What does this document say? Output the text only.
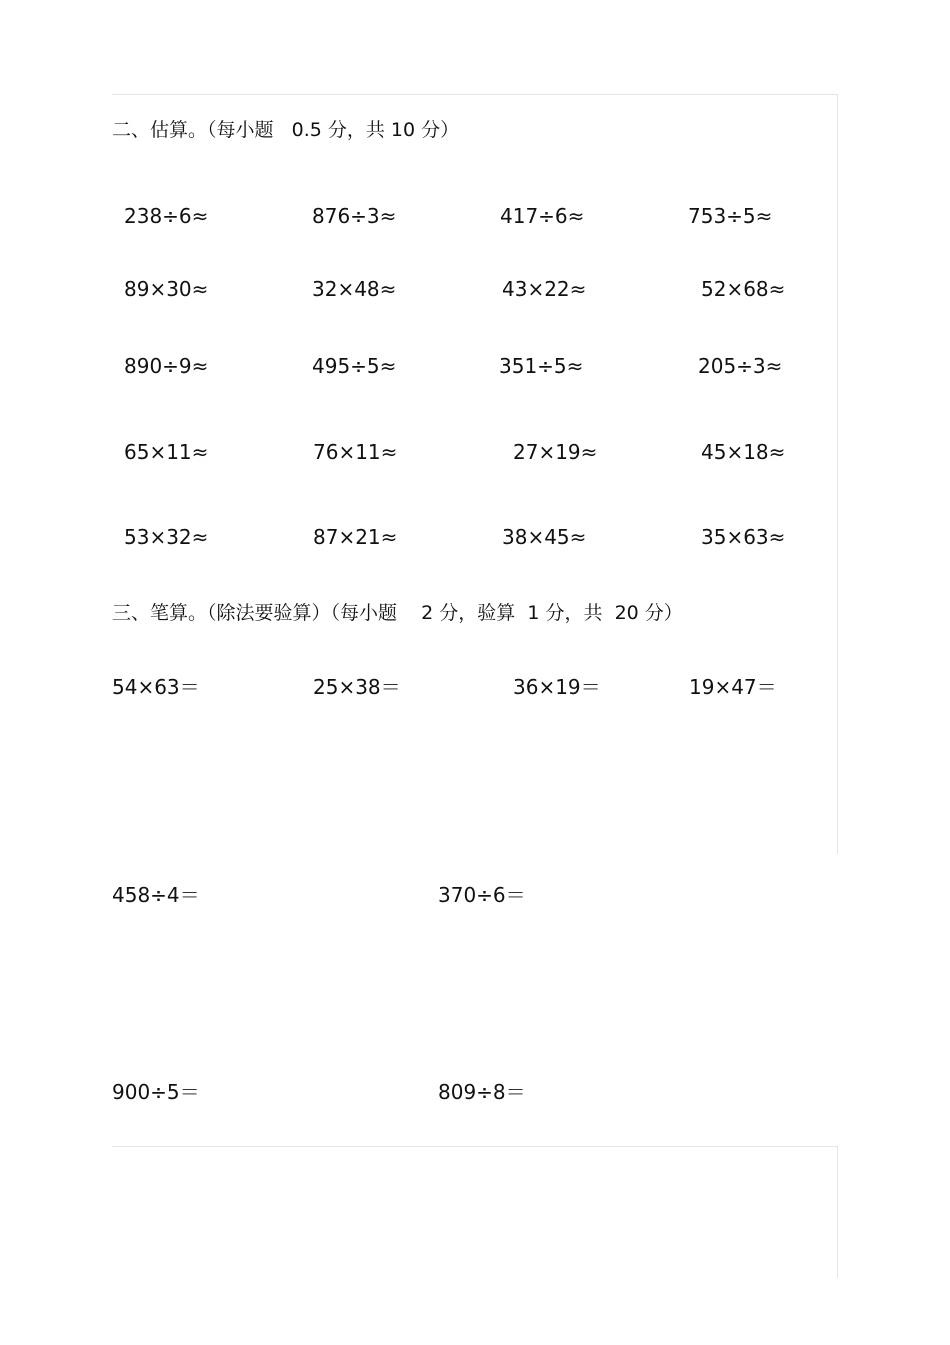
二、估算。（每小题   0.5 分，共 10 分）
238÷6≈	876÷3≈	417÷6≈	753÷5≈
89×30≈	32×48≈	43×22≈	52×68≈
890÷9≈	495÷5≈	351÷5≈	205÷3≈
65×11≈	76×11≈	27×19≈	45×18≈
53×32≈	87×21≈	38×45≈	35×63≈
三、笔算。（除法要验算）（每小题    2 分，验算  1 分，共  20 分）
54×63＝	25×38＝	36×19＝	19×47＝
458÷4＝	370÷6＝
900÷5＝	809÷8＝
